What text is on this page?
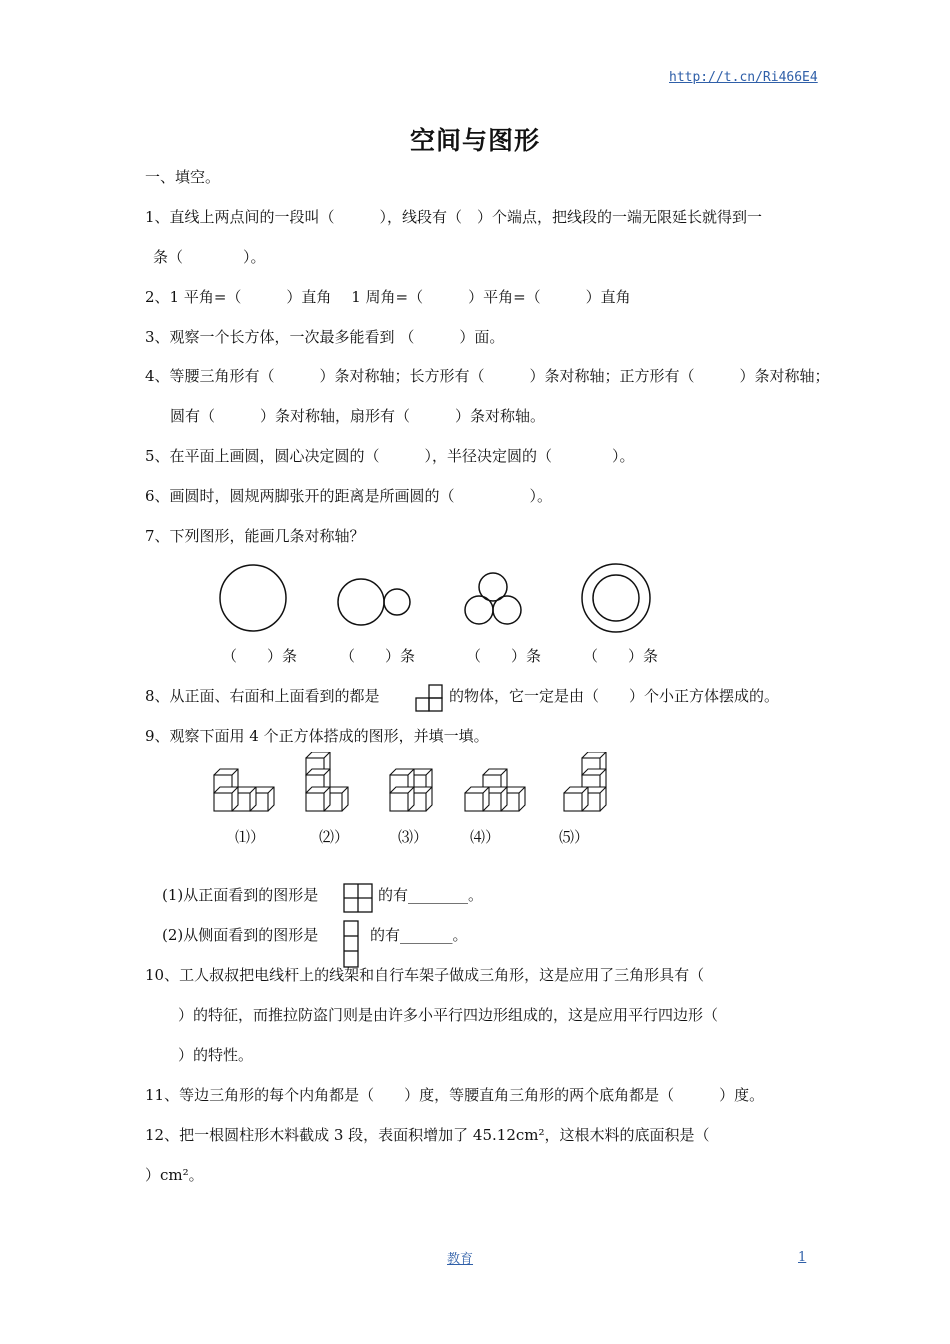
http://t.cn/Ri466E4
空间与图形
一、填空。
1、直线上两点间的一段叫（　　　），线段有（　）个端点，把线段的一端无限延长就得到一
条（　　　　）。
2、1 平角=（　　　）直角　 1 周角=（　　　）平角=（　　　）直角
3、观察一个长方体，一次最多能看到 （　　　）面。
4、等腰三角形有（　　　）条对称轴；长方形有（　　　）条对称轴；正方形有（　　　）条对称轴；
圆有（　　　）条对称轴，扇形有（　　　）条对称轴。
5、在平面上画圆，圆心决定圆的（　　　），半径决定圆的（　　　　）。
6、画圆时，圆规两脚张开的距离是所画圆的（　　　　　）。
7、下列图形，能画几条对称轴？
（　　）条	（　　）条	（　　）条	（　　）条
8、从正面、右面和上面看到的都是	的物体，它一定是由（　　）个小正方体摆成的。
9、观察下面用 4 个正方体搭成的图形，并填一填。
⑴）	⑵）	⑶）	⑷）	⑸）
(1)从正面看到的图形是	的有________。
(2)从侧面看到的图形是	的有_______。
10、工人叔叔把电线杆上的线架和自行车架子做成三角形，这是应用了三角形具有（
）的特征，而推拉防盗门则是由许多小平行四边形组成的，这是应用平行四边形（
）的特性。
11、等边三角形的每个内角都是（　　）度，等腰直角三角形的两个底角都是（　　　）度。
12、把一根圆柱形木料截成 3 段，表面积增加了 45.12cm²，这根木料的底面积是（
）cm²。
教育	1
